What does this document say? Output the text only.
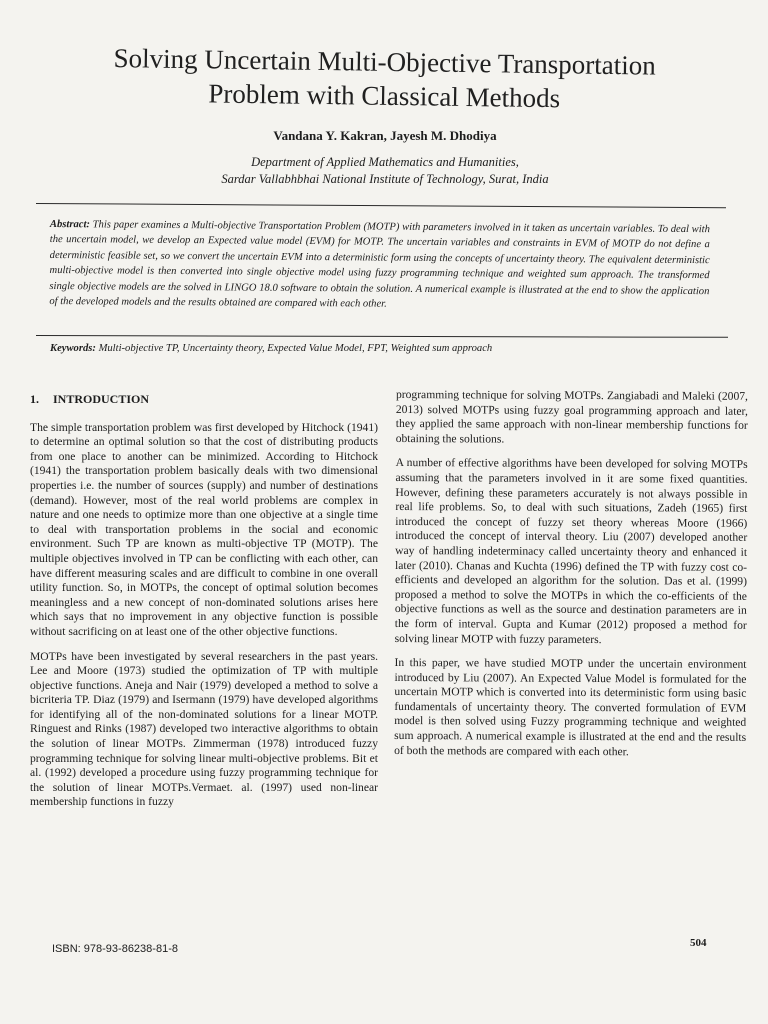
Solving Uncertain Multi-Objective Transportation
Problem with Classical Methods
Vandana Y. Kakran, Jayesh M. Dhodiya
Department of Applied Mathematics and Humanities,
Sardar Vallabhbhai National Institute of Technology, Surat, India
Abstract: This paper examines a Multi-objective Transportation Problem (MOTP) with parameters involved in it taken as uncertain variables. To deal with the uncertain model, we develop an Expected value model (EVM) for MOTP. The uncertain variables and constraints in EVM of MOTP do not define a deterministic feasible set, so we convert the uncertain EVM into a deterministic form using the concepts of uncertainty theory. The equivalent deterministic multi-objective model is then converted into single objective model using fuzzy programming technique and weighted sum approach. The transformed single objective models are the solved in LINGO 18.0 software to obtain the solution. A numerical example is illustrated at the end to show the application of the developed models and the results obtained are compared with each other.
Keywords: Multi-objective TP, Uncertainty theory, Expected Value Model, FPT, Weighted sum approach

1. INTRODUCTION

The simple transportation problem was first developed by Hitchock (1941) to determine an optimal solution so that the cost of distributing products from one place to another can be minimized. According to Hitchock (1941) the transportation problem basically deals with two dimensional properties i.e. the number of sources (supply) and number of destinations (demand). However, most of the real world problems are complex in nature and one needs to optimize more than one objective at a single time to deal with transportation problems in the social and economic environment. Such TP are known as multi-objective TP (MOTP). The multiple objectives involved in TP can be conflicting with each other, can have different measuring scales and are difficult to combine in one overall utility function. So, in MOTPs, the concept of optimal solution becomes meaningless and a new concept of non-dominated solutions arises here which says that no improvement in any objective function is possible without sacrificing on at least one of the other objective functions.

MOTPs have been investigated by several researchers in the past years. Lee and Moore (1973) studied the optimization of TP with multiple objective functions. Aneja and Nair (1979) developed a method to solve a bicriteria TP. Diaz (1979) and Isermann (1979) have developed algorithms for identifying all of the non-dominated solutions for a linear MOTP. Ringuest and Rinks (1987) developed two interactive algorithms to obtain the solution of linear MOTPs. Zimmerman (1978) introduced fuzzy programming technique for solving linear multi-objective problems. Bit et al. (1992) developed a procedure using fuzzy programming technique for the solution of linear MOTPs.Vermaet. al. (1997) used non-linear membership functions in fuzzy

programming technique for solving MOTPs. Zangiabadi and Maleki (2007, 2013) solved MOTPs using fuzzy goal programming approach and later, they applied the same approach with non-linear membership functions for obtaining the solutions.

A number of effective algorithms have been developed for solving MOTPs assuming that the parameters involved in it are some fixed quantities. However, defining these parameters accurately is not always possible in real life problems. So, to deal with such situations, Zadeh (1965) first introduced the concept of fuzzy set theory whereas Moore (1966) introduced the concept of interval theory. Liu (2007) developed another way of handling indeterminacy called uncertainty theory and enhanced it later (2010). Chanas and Kuchta (1996) defined the TP with fuzzy cost co-efficients and developed an algorithm for the solution. Das et al. (1999) proposed a method to solve the MOTPs in which the co-efficients of the objective functions as well as the source and destination parameters are in the form of interval. Gupta and Kumar (2012) proposed a method for solving linear MOTP with fuzzy parameters.

In this paper, we have studied MOTP under the uncertain environment introduced by Liu (2007). An Expected Value Model is formulated for the uncertain MOTP which is converted into its deterministic form using basic fundamentals of uncertainty theory. The converted formulation of EVM model is then solved using Fuzzy programming technique and weighted sum approach. A numerical example is illustrated at the end and the results of both the methods are compared with each other.

ISBN: 978-93-86238-81-8	504
